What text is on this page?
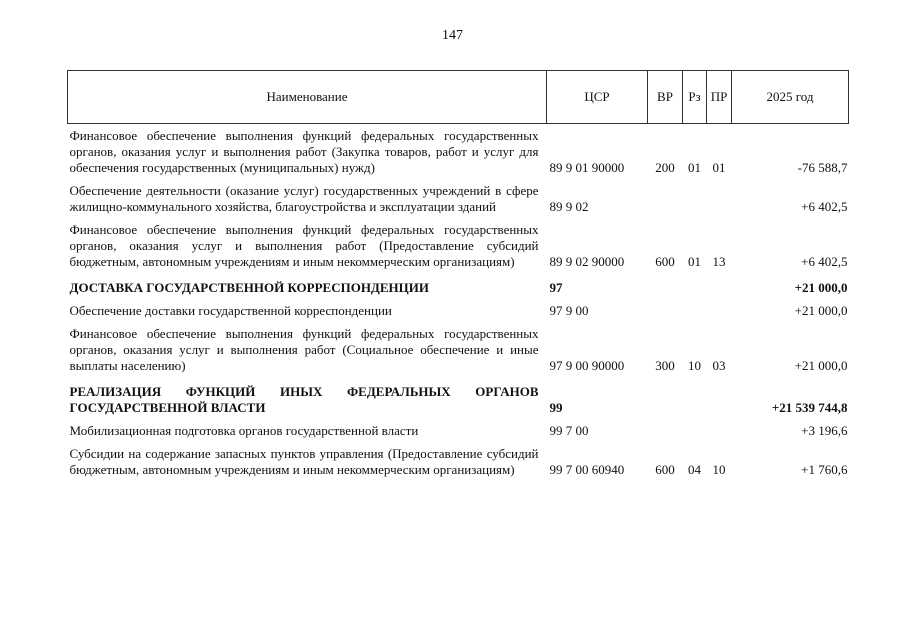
147
Наименование	ЦСР	ВР	Рз	ПР	2025 год
Финансовое обеспечение выполнения функций федеральных государственных органов, оказания услуг и выполнения работ (Закупка товаров, работ и услуг для обеспечения государственных (муниципальных) нужд)	89 9 01 90000	200	01	01	-76 588,7
Обеспечение деятельности (оказание услуг) государственных учреждений в сфере жилищно-коммунального хозяйства, благоустройства и эксплуатации зданий	89 9 02				+6 402,5
Финансовое обеспечение выполнения функций федеральных государственных органов, оказания услуг и выполнения работ (Предоставление субсидий бюджетным, автономным учреждениям и иным некоммерческим организациям)	89 9 02 90000	600	01	13	+6 402,5
ДОСТАВКА ГОСУДАРСТВЕННОЙ КОРРЕСПОНДЕНЦИИ	97				+21 000,0
Обеспечение доставки государственной корреспонденции	97 9 00				+21 000,0
Финансовое обеспечение выполнения функций федеральных государственных органов, оказания услуг и выполнения работ (Социальное обеспечение и иные выплаты населению)	97 9 00 90000	300	10	03	+21 000,0
РЕАЛИЗАЦИЯ ФУНКЦИЙ ИНЫХ ФЕДЕРАЛЬНЫХ ОРГАНОВ ГОСУДАРСТВЕННОЙ ВЛАСТИ	99				+21 539 744,8
Мобилизационная подготовка органов государственной власти	99 7 00				+3 196,6
Субсидии на содержание запасных пунктов управления (Предоставление субсидий бюджетным, автономным учреждениям и иным некоммерческим организациям)	99 7 00 60940	600	04	10	+1 760,6
